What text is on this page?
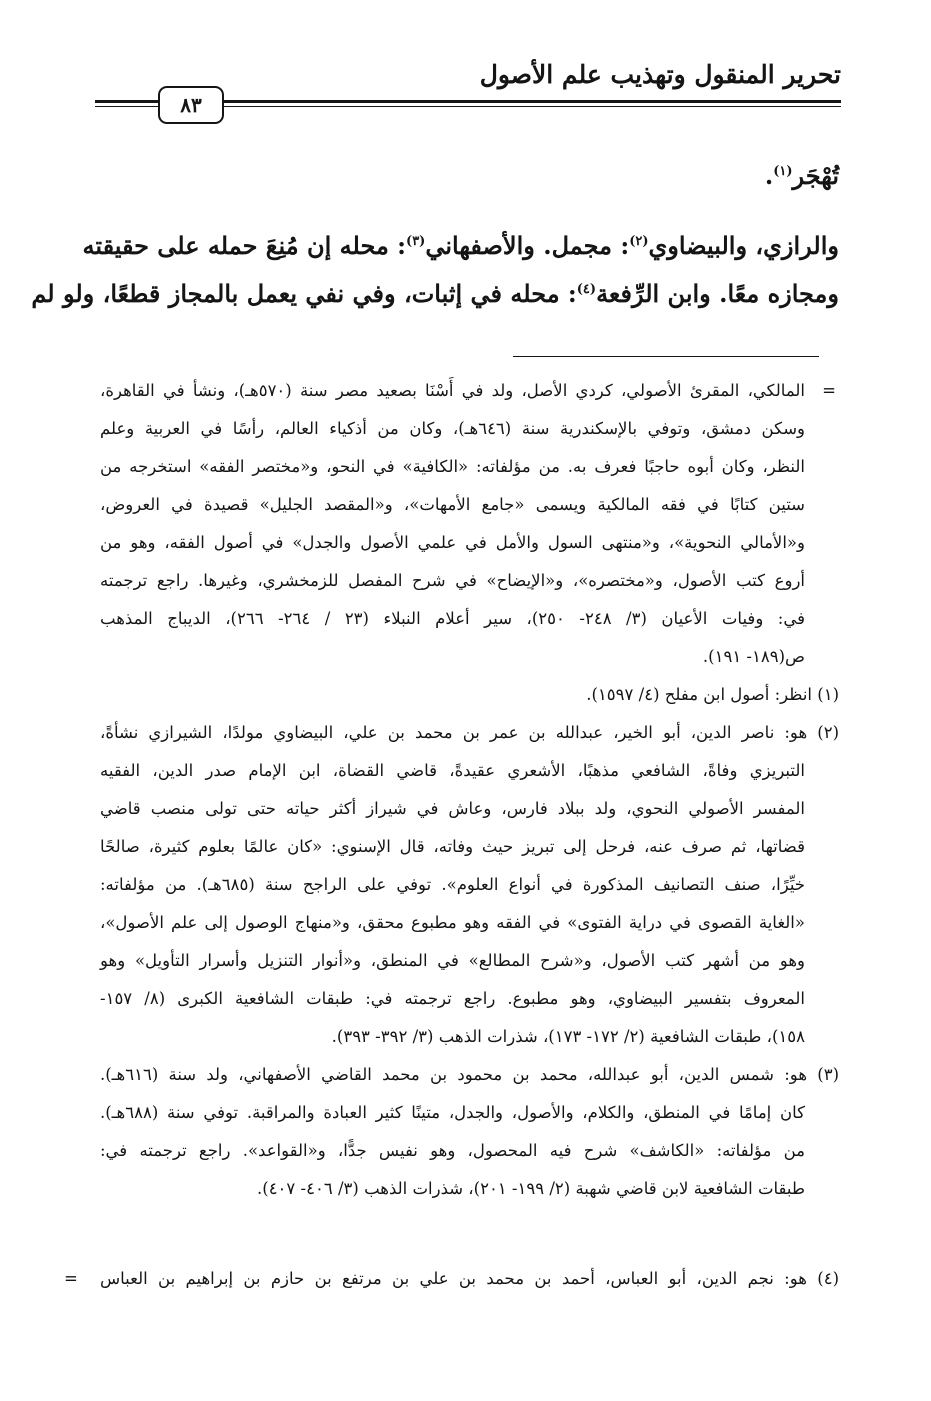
تحرير المنقول وتهذيب علم الأصول
٨٣
تُهْجَر$^{(١)}$.
والرازي، والبيضاوي$^{(٢)}$: مجمل. والأصفهاني$^{(٣)}$: محله إن مُنِعَ حمله على حقيقته
ومجازه معًا. وابن الرِّفعة$^{(٤)}$: محله في إثبات، وفي نفي يعمل بالمجاز قطعًا، ولو لم
=
المالكي، المقرئ الأصولي، كردي الأصل، ولد في أَسْنَا بصعيد مصر سنة (٥٧٠هـ)، ونشأ في القاهرة،
وسكن دمشق، وتوفي بالإسكندرية سنة (٦٤٦هـ)، وكان من أذكياء العالم، رأسًا في العربية وعلم
النظر، وكان أبوه حاجبًا فعرف به. من مؤلفاته: «الكافية» في النحو، و«مختصر الفقه» استخرجه من
ستين كتابًا في فقه المالكية ويسمى «جامع الأمهات»، و«المقصد الجليل» قصيدة في العروض،
و«الأمالي النحوية»، و«منتهى السول والأمل في علمي الأصول والجدل» في أصول الفقه، وهو من
أروع كتب الأصول، و«مختصره»، و«الإيضاح» في شرح المفصل للزمخشري، وغيرها. راجع ترجمته
في: وفيات الأعيان (٣/ ٢٤٨- ٢٥٠)، سير أعلام النبلاء (٢٣ / ٢٦٤- ٢٦٦)، الديباج المذهب
ص(١٨٩- ١٩١).
(١) انظر: أصول ابن مفلح (٤/ ١٥٩٧).
(٢) هو: ناصر الدين، أبو الخير، عبدالله بن عمر بن محمد بن علي، البيضاوي مولدًا، الشيرازي نشأةً،
التبريزي وفاةً، الشافعي مذهبًا، الأشعري عقيدةً، قاضي القضاة، ابن الإمام صدر الدين، الفقيه
المفسر الأصولي النحوي، ولد ببلاد فارس، وعاش في شيراز أكثر حياته حتى تولى منصب قاضي
قضاتها، ثم صرف عنه، فرحل إلى تبريز حيث وفاته، قال الإسنوي: «كان عالمًا بعلوم كثيرة، صالحًا
خيِّرًا، صنف التصانيف المذكورة في أنواع العلوم». توفي على الراجح سنة (٦٨٥هـ). من مؤلفاته:
«الغاية القصوى في دراية الفتوى» في الفقه وهو مطبوع محقق، و«منهاج الوصول إلى علم الأصول»،
وهو من أشهر كتب الأصول، و«شرح المطالع» في المنطق، و«أنوار التنزيل وأسرار التأويل» وهو
المعروف بتفسير البيضاوي، وهو مطبوع. راجع ترجمته في: طبقات الشافعية الكبرى (٨/ ١٥٧-
١٥٨)، طبقات الشافعية (٢/ ١٧٢- ١٧٣)، شذرات الذهب (٣/ ٣٩٢- ٣٩٣).
(٣) هو: شمس الدين، أبو عبدالله، محمد بن محمود بن محمد القاضي الأصفهاني، ولد سنة (٦١٦هـ).
كان إمامًا في المنطق، والكلام، والأصول، والجدل، متينًا كثير العبادة والمراقبة. توفي سنة (٦٨٨هـ).
من مؤلفاته: «الكاشف» شرح فيه المحصول، وهو نفيس جدًّا، و«القواعد». راجع ترجمته في:
طبقات الشافعية لابن قاضي شهبة (٢/ ١٩٩- ٢٠١)، شذرات الذهب (٣/ ٤٠٦- ٤٠٧).
(٤) هو: نجم الدين، أبو العباس، أحمد بن محمد بن علي بن مرتفع بن حازم بن إبراهيم بن العباس
=
